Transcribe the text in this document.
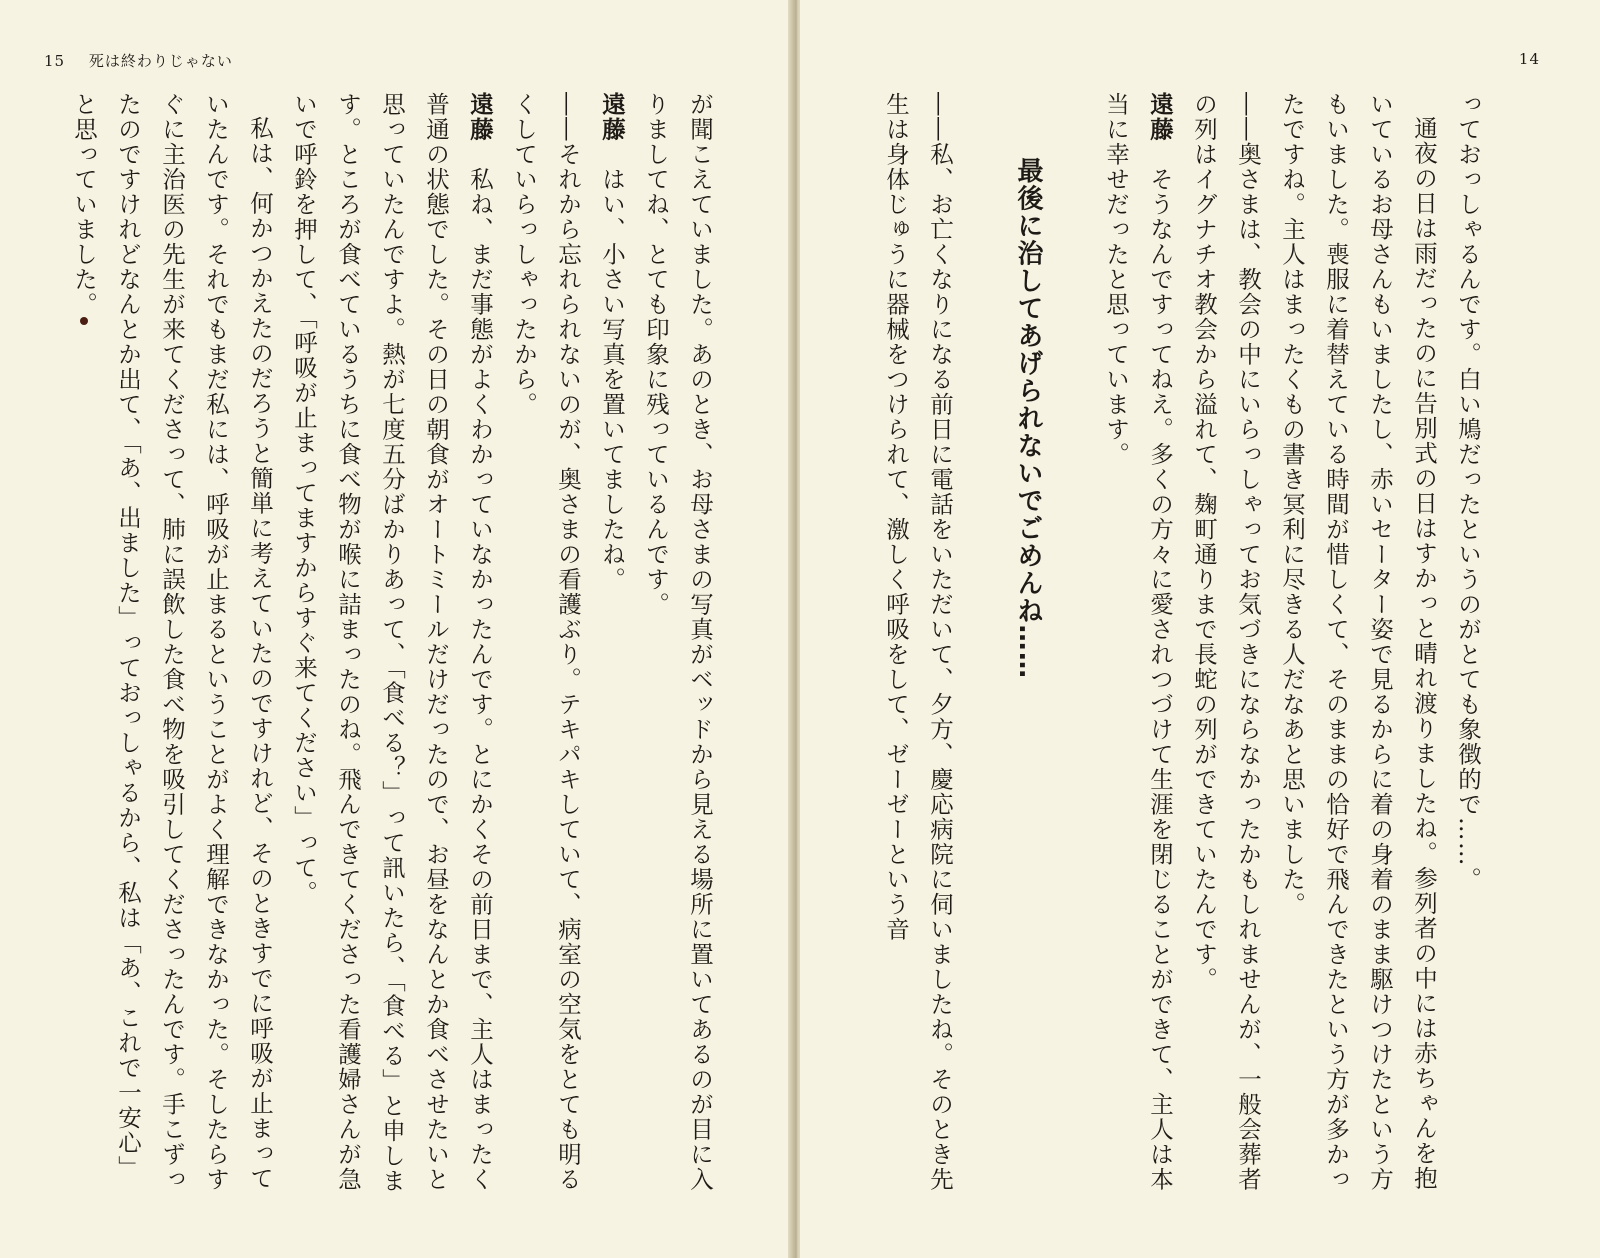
15 死は終わりじゃない

が聞こえていました。あのとき、お母さまの写真がベッドから見える場所に置いてあるのが目に入りましてね、とても印象に残っているんです。

遠藤　はい、小さい写真を置いてましたね。

――それから忘れられないのが、奥さまの看護ぶり。テキパキしていて、病室の空気をとても明るくしていらっしゃったから。

遠藤　私ね、まだ事態がよくわかっていなかったんです。とにかくその前日まで、主人はまったく普通の状態でした。その日の朝食がオートミールだけだったので、お昼をなんとか食べさせたいと思っていたんですよ。熱が七度五分ばかりあって、「食べる？」って訊いたら、「食べる」と申します。ところが食べているうちに食べ物が喉に詰まったのね。飛んできてくださった看護婦さんが急いで呼鈴を押して、「呼吸が止まってますからすぐ来てください」って。

私は、何かつかえたのだろうと簡単に考えていたのですけれど、そのときすでに呼吸が止まっていたんです。それでもまだ私には、呼吸が止まるということがよく理解できなかった。そしたらすぐに主治医の先生が来てくださって、肺に誤飲した食べ物を吸引してくださったんです。手こずったのですけれどなんとか出て、「あ、出ました」っておっしゃるから、私は「あ、これで一安心」と思っていました。

14

っておっしゃるんです。白い鳩だったというのがとても象徴的で……。

通夜の日は雨だったのに告別式の日はすかっと晴れ渡りましたね。参列者の中には赤ちゃんを抱いているお母さんもいましたし、赤いセーター姿で見るからに着の身着のまま駆けつけたという方もいました。喪服に着替えている時間が惜しくて、そのままの恰好で飛んできたという方が多かったですね。主人はまったくもの書き冥利に尽きる人だなあと思いました。

――奥さまは、教会の中にいらっしゃってお気づきにならなかったかもしれませんが、一般会葬者の列はイグナチオ教会から溢れて、麹町通りまで長蛇の列ができていたんです。

遠藤　そうなんですってねえ。多くの方々に愛されつづけて生涯を閉じることができて、主人は本当に幸せだったと思っています。

最後に治してあげられないでごめんね……

――私、お亡くなりになる前日に電話をいただいて、夕方、慶応病院に伺いましたね。そのとき先生は身体じゅうに器械をつけられて、激しく呼吸をして、ゼーゼーという音
